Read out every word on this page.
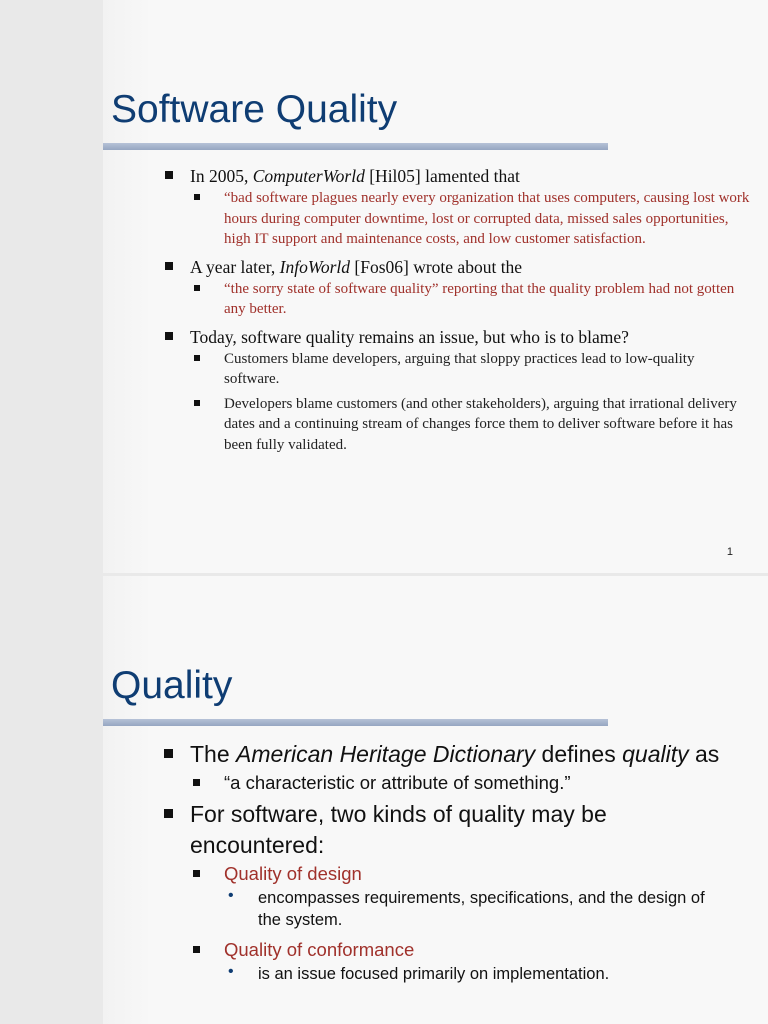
Software Quality
In 2005, ComputerWorld [Hil05] lamented that
“bad software plagues nearly every organization that uses computers, causing lost work hours during computer downtime, lost or corrupted data, missed sales opportunities, high IT support and maintenance costs, and low customer satisfaction.
A year later, InfoWorld [Fos06] wrote about the
“the sorry state of software quality” reporting that the quality problem had not gotten any better.
Today, software quality remains an issue, but who is to blame?
Customers blame developers, arguing that sloppy practices lead to low-quality software.
Developers blame customers (and other stakeholders), arguing that irrational delivery dates and a continuing stream of changes force them to deliver software before it has been fully validated.
1
Quality
The American Heritage Dictionary defines quality as
“a characteristic or attribute of something.”
For software, two kinds of quality may be encountered:
Quality of design
• encompasses requirements, specifications, and the design of the system.
Quality of conformance
• is an issue focused primarily on implementation.
